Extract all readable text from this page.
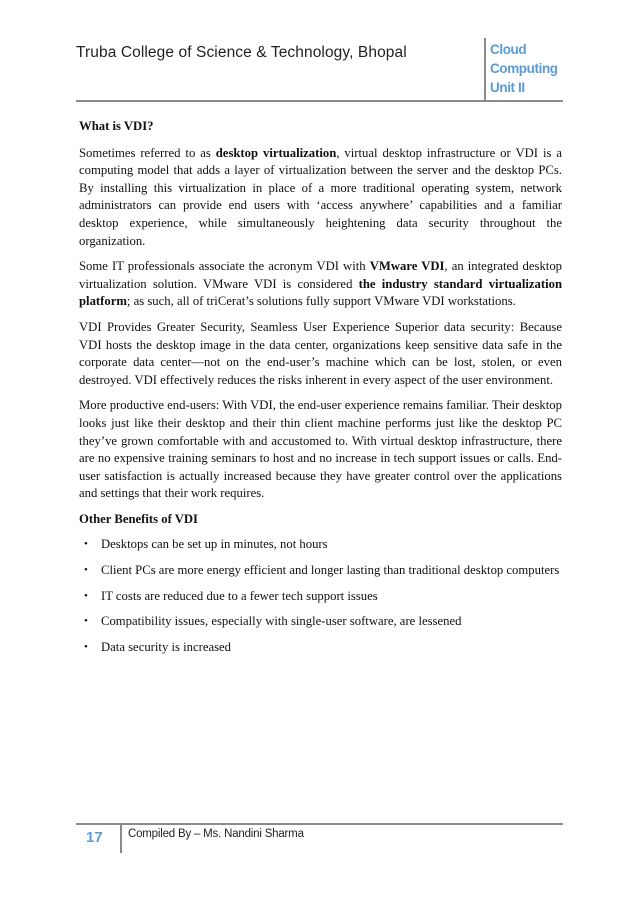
Truba College of Science & Technology, Bhopal	Cloud
Computing
Unit II
What is VDI?

Sometimes referred to as desktop virtualization, virtual desktop infrastructure or VDI is a computing model that adds a layer of virtualization between the server and the desktop PCs. By installing this virtualization in place of a more traditional operating system, network administrators can provide end users with ‘access anywhere’ capabilities and a familiar desktop experience, while simultaneously heightening data security throughout the organization.

Some IT professionals associate the acronym VDI with VMware VDI, an integrated desktop virtualization solution. VMware VDI is considered the industry standard virtualization platform; as such, all of triCerat’s solutions fully support VMware VDI workstations.

VDI Provides Greater Security, Seamless User Experience Superior data security: Because VDI hosts the desktop image in the data center, organizations keep sensitive data safe in the corporate data center—not on the end-user’s machine which can be lost, stolen, or even destroyed. VDI effectively reduces the risks inherent in every aspect of the user environment.

More productive end-users: With VDI, the end-user experience remains familiar. Their desktop looks just like their desktop and their thin client machine performs just like the desktop PC they’ve grown comfortable with and accustomed to. With virtual desktop infrastructure, there are no expensive training seminars to host and no increase in tech support issues or calls. End- user satisfaction is actually increased because they have greater control over the applications and settings that their work requires.

Other Benefits of VDI
• Desktops can be set up in minutes, not hours
• Client PCs are more energy efficient and longer lasting than traditional desktop computers
• IT costs are reduced due to a fewer tech support issues
• Compatibility issues, especially with single-user software, are lessened
• Data security is increased
17 Compiled By – Ms. Nandini Sharma
